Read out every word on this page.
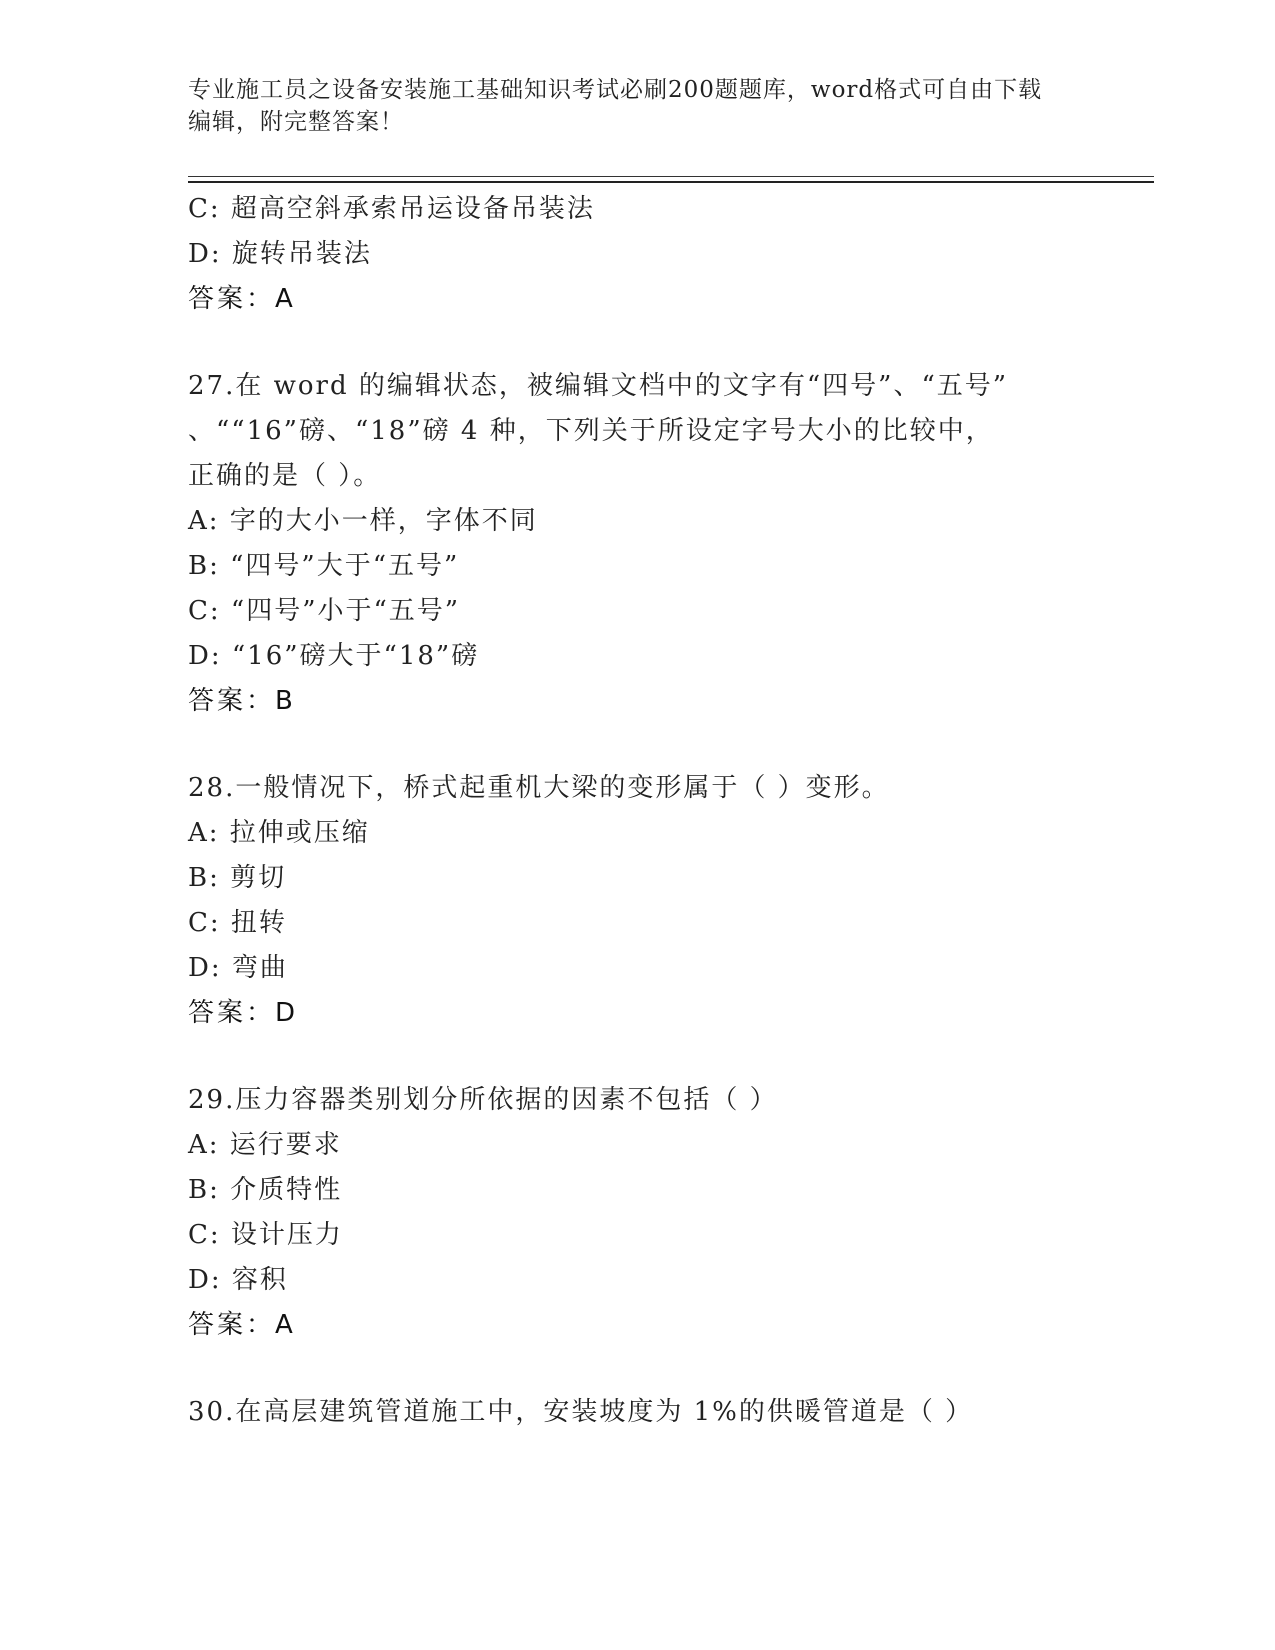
专业施工员之设备安装施工基础知识考试必刷200题题库，word格式可自由下载
编辑，附完整答案！
C: 超高空斜承索吊运设备吊装法
D: 旋转吊装法
答案：A
27.在 word 的编辑状态，被编辑文档中的文字有“四号”、“五号”
、““16”磅、“18”磅 4 种，下列关于所设定字号大小的比较中，
正确的是（ ）。
A: 字的大小一样，字体不同
B: “四号”大于“五号”
C: “四号”小于“五号”
D: “16”磅大于“18”磅
答案：B
28.一般情况下，桥式起重机大梁的变形属于（ ）变形。
A: 拉伸或压缩
B: 剪切
C: 扭转
D: 弯曲
答案：D
29.压力容器类别划分所依据的因素不包括（ ）
A: 运行要求
B: 介质特性
C: 设计压力
D: 容积
答案：A
30.在高层建筑管道施工中，安装坡度为 1%的供暖管道是（ ）
